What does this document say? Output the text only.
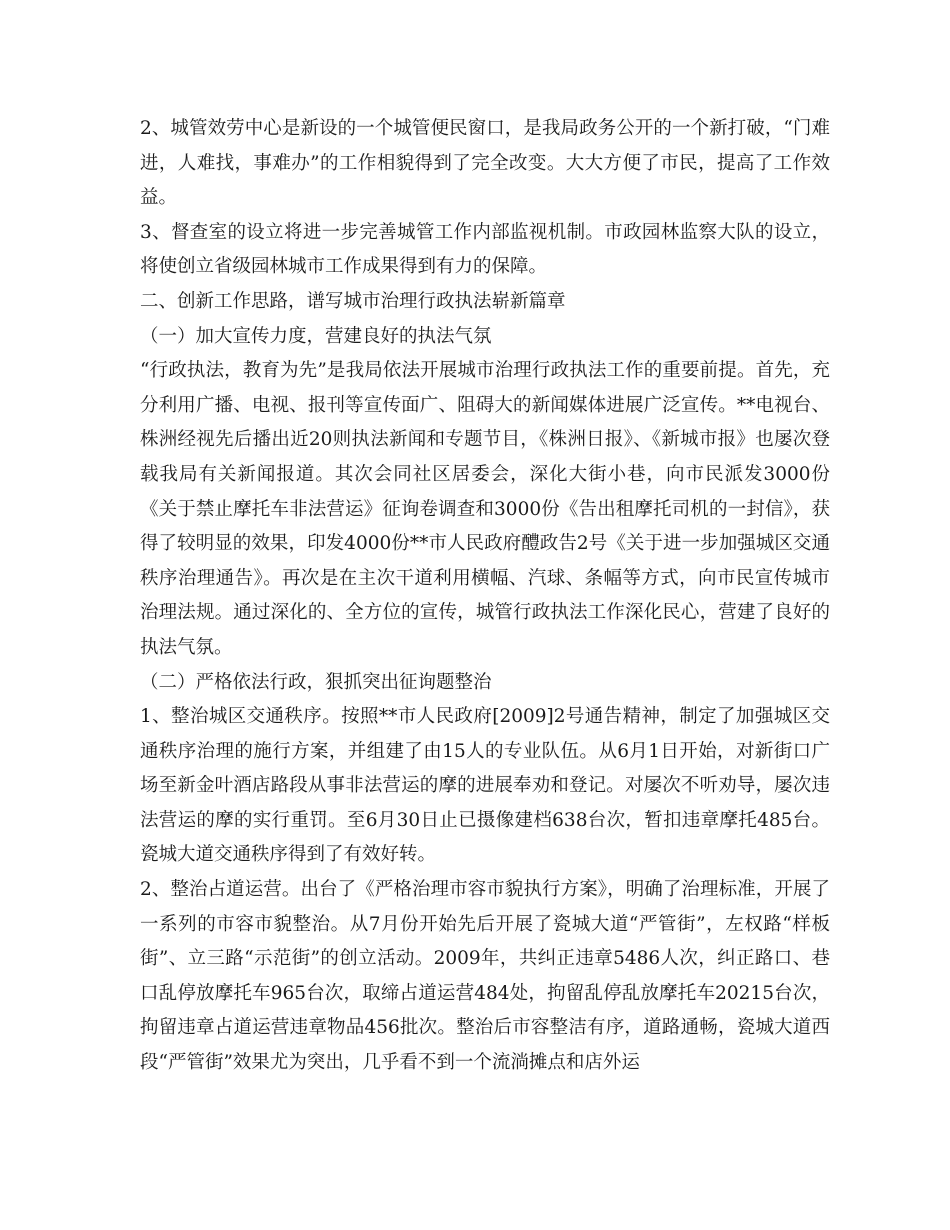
2、城管效劳中心是新设的一个城管便民窗口，是我局政务公开的一个新打破，“门难进，人难找，事难办”的工作相貌得到了完全改变。大大方便了市民，提高了工作效益。

3、督查室的设立将进一步完善城管工作内部监视机制。市政园林监察大队的设立，将使创立省级园林城市工作成果得到有力的保障。

二、创新工作思路，谱写城市治理行政执法崭新篇章

（一）加大宣传力度，营建良好的执法气氛

“行政执法，教育为先”是我局依法开展城市治理行政执法工作的重要前提。首先，充分利用广播、电视、报刊等宣传面广、阻碍大的新闻媒体进展广泛宣传。**电视台、株洲经视先后播出近20则执法新闻和专题节目，《株洲日报》、《新城市报》也屡次登载我局有关新闻报道。其次会同社区居委会，深化大街小巷，向市民派发3000份《关于禁止摩托车非法营运》征询卷调查和3000份《告出租摩托司机的一封信》，获得了较明显的效果，印发4000份**市人民政府醴政告2号《关于进一步加强城区交通秩序治理通告》。再次是在主次干道利用横幅、汽球、条幅等方式，向市民宣传城市治理法规。通过深化的、全方位的宣传，城管行政执法工作深化民心，营建了良好的执法气氛。

（二）严格依法行政，狠抓突出征询题整治

1、整治城区交通秩序。按照**市人民政府[2009]2号通告精神，制定了加强城区交通秩序治理的施行方案，并组建了由15人的专业队伍。从6月1日开始，对新街口广场至新金叶酒店路段从事非法营运的摩的进展奉劝和登记。对屡次不听劝导，屡次违法营运的摩的实行重罚。至6月30日止已摄像建档638台次，暂扣违章摩托485台。瓷城大道交通秩序得到了有效好转。

2、整治占道运营。出台了《严格治理市容市貌执行方案》，明确了治理标准，开展了一系列的市容市貌整治。从7月份开始先后开展了瓷城大道“严管街”，左权路“样板街”、立三路“示范街”的创立活动。2009年，共纠正违章5486人次，纠正路口、巷口乱停放摩托车965台次，取缔占道运营484处，拘留乱停乱放摩托车20215台次，拘留违章占道运营违章物品456批次。整治后市容整洁有序，道路通畅，瓷城大道西段“严管街”效果尤为突出，几乎看不到一个流淌摊点和店外运
